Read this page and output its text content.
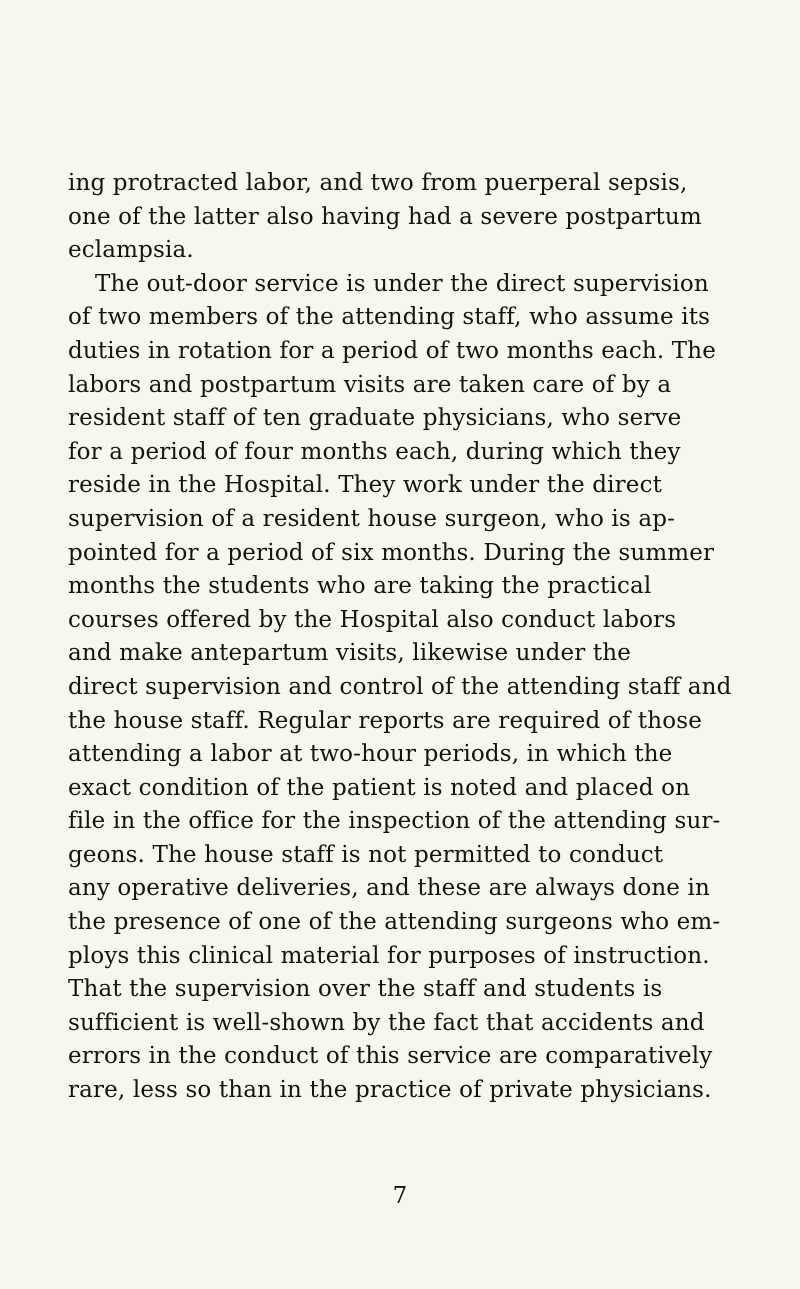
ing protracted labor, and two from puerperal sepsis,
one of the latter also having had a severe postpartum
eclampsia.
The out-door service is under the direct supervision
of two members of the attending staff, who assume its
duties in rotation for a period of two months each. The
labors and postpartum visits are taken care of by a
resident staff of ten graduate physicians, who serve
for a period of four months each, during which they
reside in the Hospital. They work under the direct
supervision of a resident house surgeon, who is ap-
pointed for a period of six months. During the summer
months the students who are taking the practical
courses offered by the Hospital also conduct labors
and make antepartum visits, likewise under the
direct supervision and control of the attending staff and
the house staff. Regular reports are required of those
attending a labor at two-hour periods, in which the
exact condition of the patient is noted and placed on
file in the office for the inspection of the attending sur-
geons. The house staff is not permitted to conduct
any operative deliveries, and these are always done in
the presence of one of the attending surgeons who em-
ploys this clinical material for purposes of instruction.
That the supervision over the staff and students is
sufficient is well-shown by the fact that accidents and
errors in the conduct of this service are comparatively
rare, less so than in the practice of private physicians.
7
